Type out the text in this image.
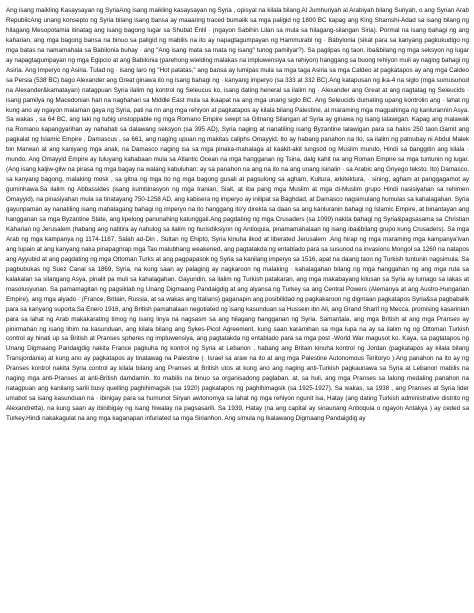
Ang isang maikling Kasaysayan ng SyriaAng isang maikling kasaysayan ng Syria , opisyal na kilala bilang Al Jumhuriyah al Arabiyah bilang Suriyah, o ang Syrian Arab RepublicAng unang konsepto ng Syria bilang isang bansa ay maaaring traced bumalik sa mga paligid ng 1800 BC kapag ang King Shamshi-Adad sa isang bilang ng hilagang Mesopotamia itinatag ang isang bagong lugar sa Shubat Enlil · (ngayon Sabihin Lilan sa mula sa hilagang-silangan Siria). Pormal na isang bahagi ng ang kaharian, ang mga bagong bansa na binuo sa paligid ng mabilis na ito ay napagtagumpayan ng Hammurabi ng · Babylonia (sikat para sa kanyang pagkukudigo ng mga batas na namamahala sa Babilonia buhay · ang "Ang isang mata sa mata ng isang" tunog pamilyar?). Sa paglipas ng taon, iba&bilang ng mga seksyon ng lugar ay napagtagumpayan ng mga Egipcio at ang Babilonia (parehong wielding malakas na impluwensiya sa rehiyon) hanggang sa buong rehiyon muli ay naging bahagi ng Asiria. Ang Imperyo ng Asiria. Tulad ng · isang laro ng "Hot patatas," ang bansa ay lumipas mula sa mga taga Asiria sa mga Caldeo at pagkatapos ay ang mga Caldeo sa Persia (538 BC) bago Alexander ang Great ginawa ito ng isang bahagi ng · kanyang imperyo (sa 333 at 332 BC).Ang katapusan ng ika-4 na siglo (mga sumusunod na Alexander&kamatayan) natagpuan Syria ilalim ng kontrol ng Seleucus ko, isang dating heneral sa ilalim ng · Alexander ang Great at ang nagtatag ng Seleucids · isang pamilya ng Macedonian hari na naghahari sa Middle East mula sa ikaapat na ang mga unang siglo BC. Ang Seleucids dumating upang kontrolin ang · lahat ng kung ano ay ngayon malaman gaya ng Syria, pati na rin ang mga rehiyon at pagkatapos ay kilala bilang Palestine, at maraming mga magpahinga ng kanlurannin Asya. Sa wakas , sa 64 BC, ang laki ng tubig unstoppable ng mga Romano Empire swept sa Gitnang Silangan at Syria ay ginawa ng isang lalawigan. Kapag ang malawak na Romano kapangyarihan ay nahahati sa dalawang seksyon (sa 395 AD), Syria naging at nanatiling isang Byzantine lalawigan para sa halos 250 taon.Gamit ang pagkalat ng Islamic Empire , Damascus , sa 661, ang naging upuan ng makitas caliphs Omayyid. Ito ay habang panahon na ito, sa ilalim ng patnubay ni Abdul Malek bin Marwan at ang kaniyang mga anak, na Damasco naging isa sa mga pinaka-mahalaga at kaakit-akit lungsod ng Muslim mundo, Hindi sa banggitin ang kilala · mundo. Ang Omayyid Empire ay tuluyang kahabaan mula sa Atlantic Ocean na mga hangganan ng Tsina, dalg kahit na ang Roman Empire sa mga tuntunin ng lugar. (Ang isang kaljiw-gilw na pirasa ng mga bagay na walang kabuluhan: ay sa panahon na ang na ito na ang unang isinalin · sa Arabic ang Griyego teksto. Ito) Damasco, sa kanyang bagong, malaking mosk , sa gitna ng mga ito ng mga bagong gusali at pagsulong sa agham, Kultura, arkitektura, · sining, agham at panggagamot ay guminhawa.Sa ilalim ng Abbassides (isang kumbinasyon ng mga Iranian, Siait, at iba pang mga Muslim at mga di-Muslim grupo Hindi nasisiyahan sa rehimen Omayyid), na pinasiyahan mula sa tinatayang 750-1258 AD, ang kabisera ng imperyo ay inilipat sa Baghdad, at Damasco nagsimulang humulas sa kahalagahan. Syria gayunpaman ay nanatiling isang mahalagang bahagi ng imperyo na ito hanggang ito'y direkta sa daan sa ang kanluranin bahagi ng Islamic Empire, at binantayan ang hangganan sa mga Byzantine State, ang lipelong panunahing katunggali.Ang pagdating ng mga Crusaders (sa 1099) nakita bahagi ng Syria&pagsasama sa Christian Kaharian ng Jerusalem (habang ang natitira ay nahulog sa ilalim ng hurisdiksiyon ng Antioquia, pinamamahalaan ng isang iba&bilang grupo kung Crusaders). Sa mga Arab ng mga kampanya ng 1174-1187, Salah ad-Din , Sultan ng Ehipto, Syria kinuha ilkod at liberated Jerusalem .Ang hirap ng mga maraming mga kampanya'ivan ang lupain at ang kanyang naka pinapagrirap mga Tao malubhang weakened, ang pagtatakda ng entablado para sa susunod na invasions Mongol sa 1260 na natapos ang Ayyubid at ang pagdating ng mga Ottoman Turks at ang pagpapasok ng Syria sa kanilang imperyo sa 1516, apat na daang taon ng Turkish tuntunin nagsimula. Sa pagbubukas ng Suez Canal sa 1869, Syria, na kung saan ay palaging ay nagkaroon ng malaking · kahalagahan bilang ng mga hanggahan ng ang mga ruta sa kalakalan sa silangang Asya, pinalit pa muli sa kahalagahan. Gayundin, sa ilalim ng Turkish patakaran, ang mga makabayang kilusan sa Syria ay lumago sa lakas at masolusyunan. Sa pamamagitan ng pagsiklab ng Unang Digmaang Pandaigdig at ang alyansa ng Turkey sa ang Central Powers (Alemanya at ang Austro-Hungarian Empire), ang mga alyado · (France, Britain, Russia, at sa wakas ang Italians) gaganapin ang posibilidad ng pagkakaroon ng digmaan pagkatapos Syria&sa pagbabalik para sa kanyang suporta.Sa Enero 1916, ang British pamahalaan negotiated ng isang kasunduan sa Hussein ibn Ali, ang Grand Sharif ng Mecca, promising kasarinlan para sa lahat ng Arab makakarating timog ng isang linya na nagsasm sa ang hilagang hangganan ng Syria. Samantala, ang mga British at ang mga Pranses ay pinirmahan ng isang lihim na kasunduan, ang kilala bilang ang Sykes-Picot Agreement, kung saan karamihan sa mga lupa na ay sa ilalim ng ng Ottoman Turkish control ay hinati up sa British at Pranses spheres ng impluwensiya, ang pagtatakda ng entablado para sa mga post -World War magusot ko. Kaya, sa pagtatapos ng Unang Digmaang Pandaigdig nakita France pagkuha ng kontrol ng Syria at Lebanon , habang ang Britain kinuha kontrol ng Jordan (pagkatapos ay kilala bilang Transjordania) at kung ano ay pagkatapos ay tinatawag na Palestine (· Israel sa araw na ito at ang mga Palestine Autonomous Teritoryo ).Ang panahon na ito ay ng Pranses kontrol nakita Syria control ay kilala bilang ang Pranses at British utos at kung ano ang naging anti-Turkish pagkaunawa sa Syria at Lebanon mabilis na naging mga anti-Pranses at anti-British damdamin. Ito mabilis na binuo sa organisadong paglaban, at, sa huli, ang mga Pranses sa lalong medaling panahon na natagpuan ang kanilang sarili busy quelling paghihimagsik (sa 1920) pagkatapos ng paghihimagsik (sa 1925-1927). Sa wakas, sa 1938 , ang Pranses at Syria lider umabot sa isang kasunduan na · ibinigay para sa humunot Siryan awtonomya sa lahat ng mga rehiyon ngunit isa, Hatay (ang dating Turkish administrative distrito ng Alexandretta), na kung saan ay ibinibigay ng isang hiwalay na pagsasarili. Sa 1939, Hatay (na ang capital ay sinaunang Antioquia o ngayon Antakya ) ay ceded sa Turkey.Hindi nakakagulat na ang mga kaganapan infuriated sa mga Sirianhon. Ang simula ng Ikalawang Digmaang Pandaigdig ay
